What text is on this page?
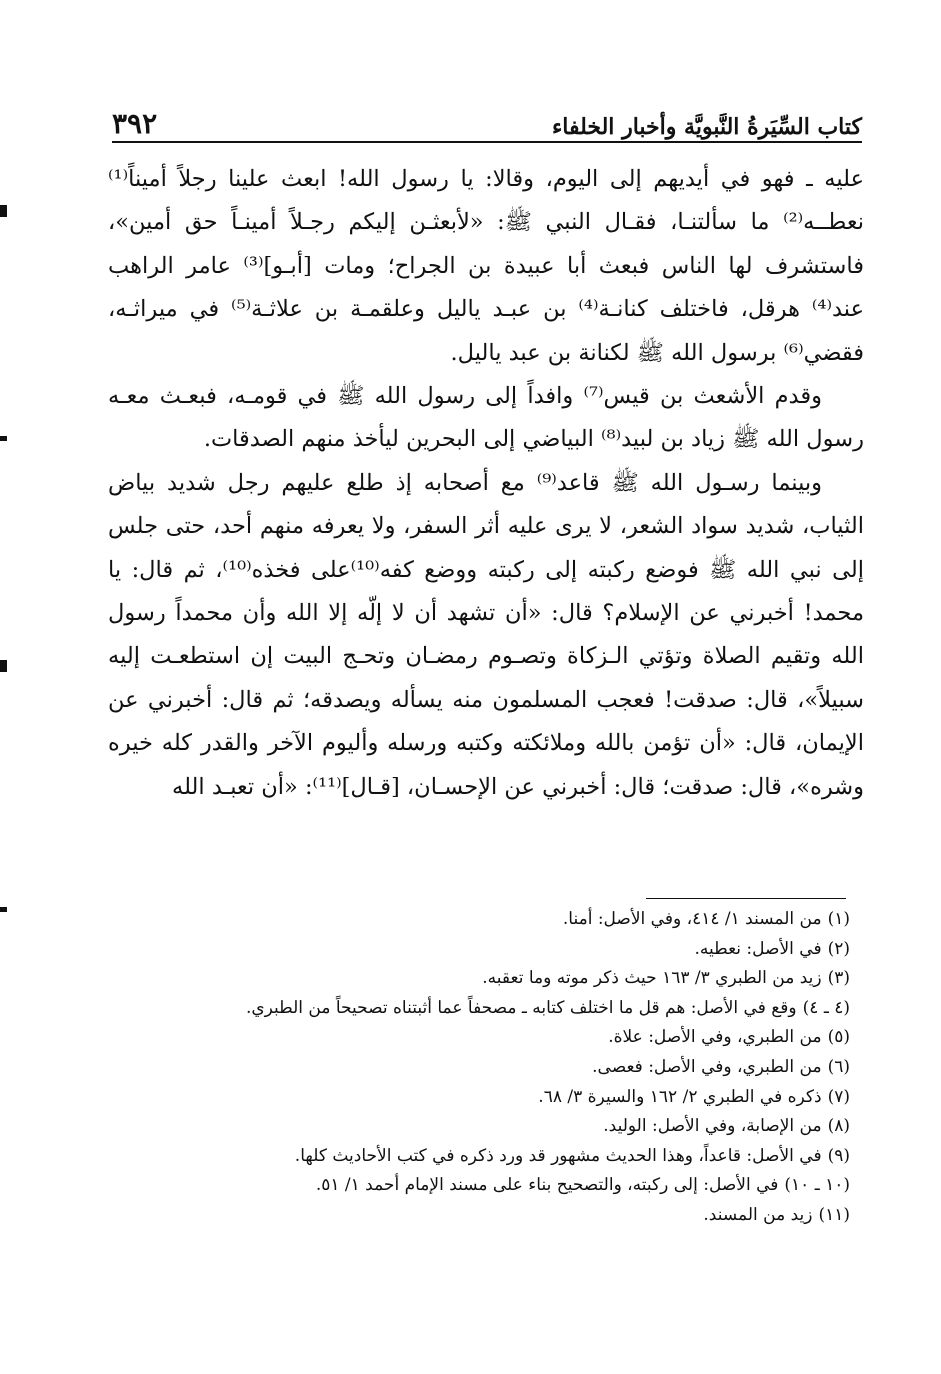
كتاب السِّيَرةُ النَّبويَّة وأخبار الخلفاء
٣٩٢

عليه ـ فهو في أيديهم إلى اليوم، وقالا: يا رسول الله! ابعث علينا رجلاً أميناً⁽¹⁾ نعطــه⁽²⁾ ما سألتنـا، فقـال النبي ﷺ: «لأبعثـن إليكم رجـلاً أمينـاً حق أمين»، فاستشرف لها الناس فبعث أبا عبيدة بن الجراح؛ ومات [أبـو]⁽³⁾ عامر الراهب عند⁽⁴⁾ هرقل، فاختلف كنانـة⁽⁴⁾ بن عبـد ياليل وعلقمـة بن علاثـة⁽⁵⁾ في ميراثـه، فقضي⁽⁶⁾ برسول الله ﷺ لكنانة بن عبد ياليل.

وقدم الأشعث بن قيس⁽⁷⁾ وافداً إلى رسول الله ﷺ في قومـه، فبعـث معـه رسول الله ﷺ زياد بن لبيد⁽⁸⁾ البياضي إلى البحرين ليأخذ منهم الصدقات.

وبينما رسـول الله ﷺ قاعد⁽⁹⁾ مع أصحابه إذ طلع عليهم رجل شديد بياض الثياب، شديد سواد الشعر، لا يرى عليه أثر السفر، ولا يعرفه منهم أحد، حتى جلس إلى نبي الله ﷺ فوضع ركبته إلى ركبته ووضع كفه⁽¹⁰⁾على فخذه⁽¹⁰⁾، ثم قال: يا محمد! أخبرني عن الإسلام؟ قال: «أن تشهد أن لا إلّه إلا الله وأن محمداً رسول الله وتقيم الصلاة وتؤتي الـزكاة وتصـوم رمضـان وتحـج البيت إن استطعـت إليه سبيلاً»، قال: صدقت! فعجب المسلمون منه يسأله ويصدقه؛ ثم قال: أخبرني عن الإيمان، قال: «أن تؤمن بالله وملائكته وكتبه ورسله وأليوم الآخر والقدر كله خيره وشره»، قال: صدقت؛ قال: أخبرني عن الإحسـان، [قـال]⁽¹¹⁾: «أن تعبـد الله

(١)من المسند ١/ ٤١٤، وفي الأصل: أمنا.
(٢)في الأصل: نعطيه.
(٣)زيد من الطبري ٣/ ١٦٣ حيث ذكر موته وما تعقبه.
(٤ ـ ٤)وقع في الأصل: هم قل ما اختلف كتابه ـ مصحفاً عما أثبتناه تصحيحاً من الطبري.
(٥)من الطبري، وفي الأصل: علاة.
(٦)من الطبري، وفي الأصل: فعصى.
(٧)ذكره في الطبري ٢/ ١٦٢ والسيرة ٣/ ٦٨.
(٨)من الإصابة، وفي الأصل: الوليد.
(٩)في الأصل: قاعداً، وهذا الحديث مشهور قد ورد ذكره في كتب الأحاديث كلها.
(١٠ ـ ١٠)في الأصل: إلى ركبته، والتصحيح بناء على مسند الإمام أحمد ١/ ٥١.
(١١)زيد من المسند.
